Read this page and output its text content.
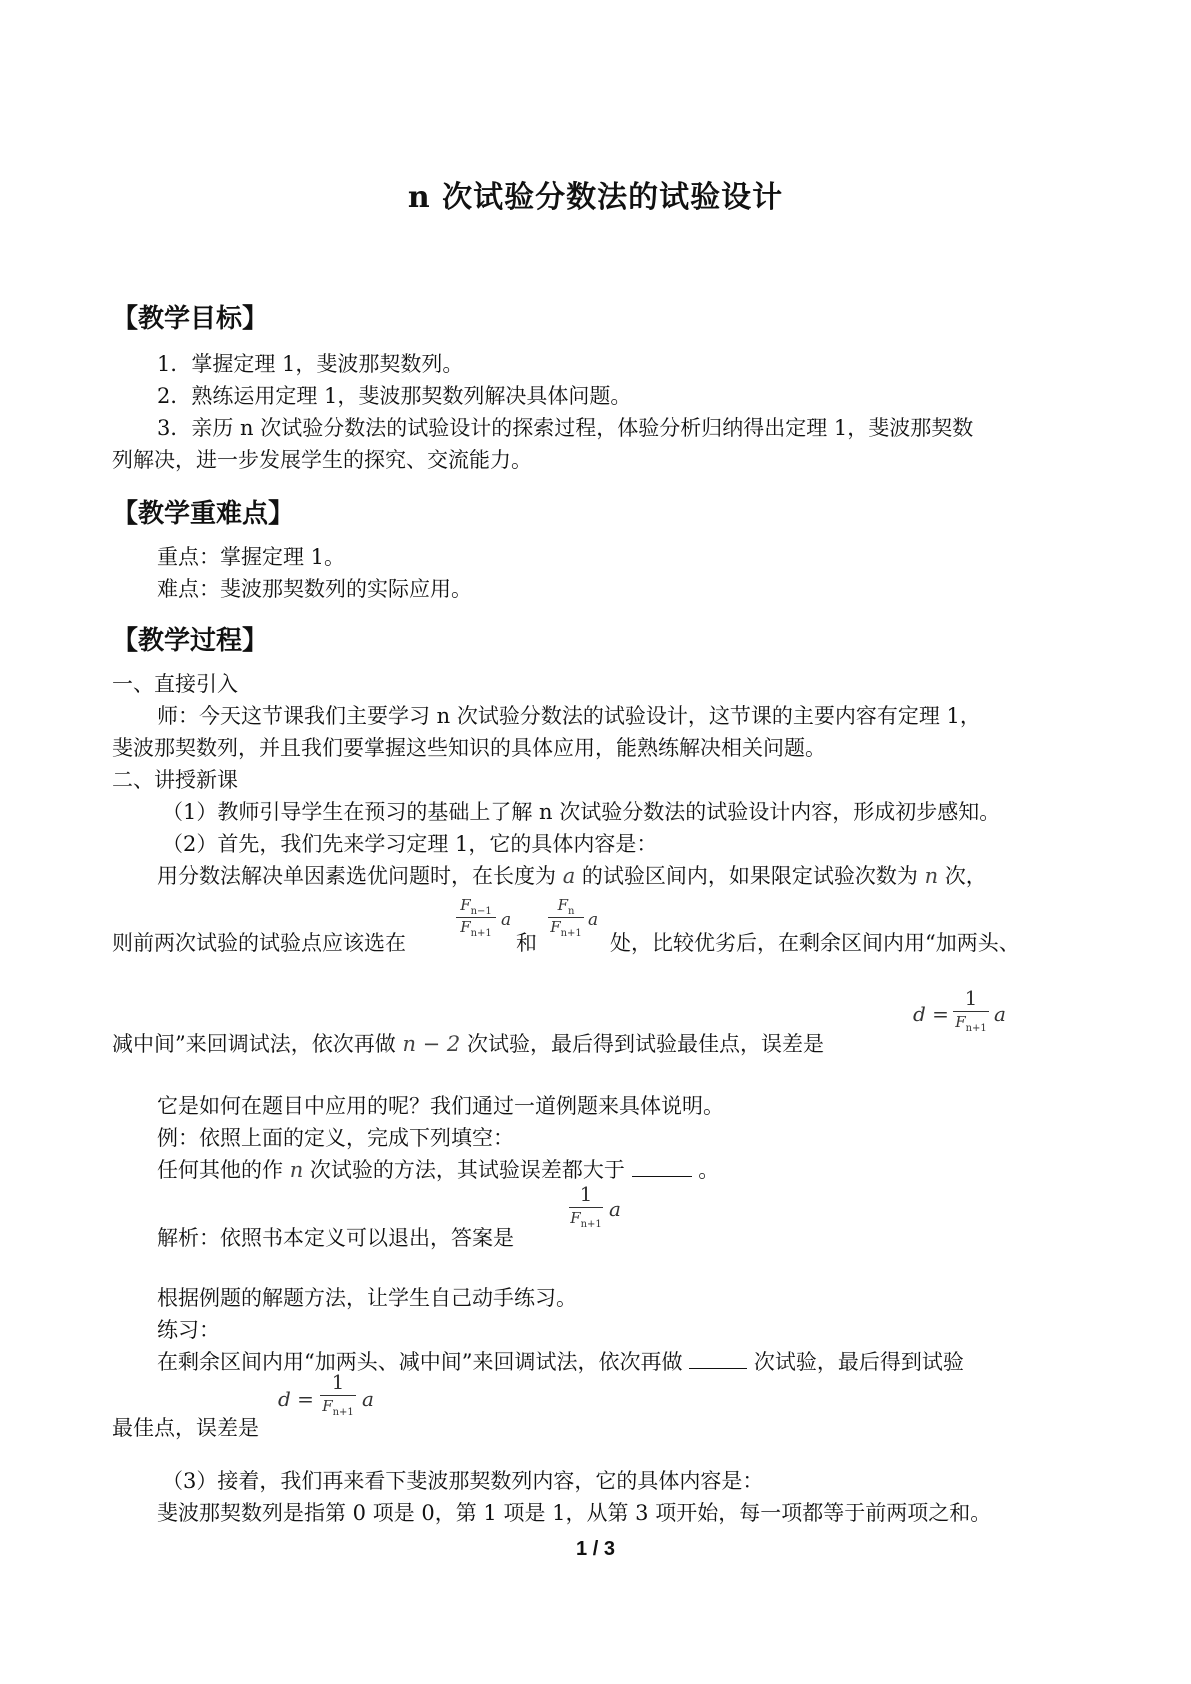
n 次试验分数法的试验设计
【教学目标】
1．掌握定理 1，斐波那契数列。
2．熟练运用定理 1，斐波那契数列解决具体问题。
3．亲历 n 次试验分数法的试验设计的探索过程，体验分析归纳得出定理 1，斐波那契数
列解决，进一步发展学生的探究、交流能力。
【教学重难点】
重点：掌握定理 1。
难点：斐波那契数列的实际应用。
【教学过程】
一、直接引入
师：今天这节课我们主要学习 n 次试验分数法的试验设计，这节课的主要内容有定理 1，
斐波那契数列，并且我们要掌握这些知识的具体应用，能熟练解决相关问题。
二、讲授新课
（1）教师引导学生在预习的基础上了解 n 次试验分数法的试验设计内容，形成初步感知。
（2）首先，我们先来学习定理 1，它的具体内容是：
用分数法解决单因素选优问题时，在长度为 a 的试验区间内，如果限定试验次数为 n 次，
则前两次试验的试验点应该选在
$F_{n-1}$
$F_{n+1}$
a
和
$F_n$
$F_{n+1}$
a
处，比较优劣后，在剩余区间内用“加两头、
减中间”来回调试法，依次再做 n − 2 次试验，最后得到试验最佳点，误差是
d =
1
$F_{n+1}$
a
它是如何在题目中应用的呢？我们通过一道例题来具体说明。
例：依照上面的定义，完成下列填空：
任何其他的作 n 次试验的方法，其试验误差都大于	。
解析：依照书本定义可以退出，答案是
1
$F_{n+1}$
a
根据例题的解题方法，让学生自己动手练习。
练习：
在剩余区间内用“加两头、减中间”来回调试法，依次再做	次试验，最后得到试验
最佳点，误差是
d =
1
$F_{n+1}$
a
（3）接着，我们再来看下斐波那契数列内容，它的具体内容是：
斐波那契数列是指第 0 项是 0，第 1 项是 1，从第 3 项开始，每一项都等于前两项之和。
1 / 3
